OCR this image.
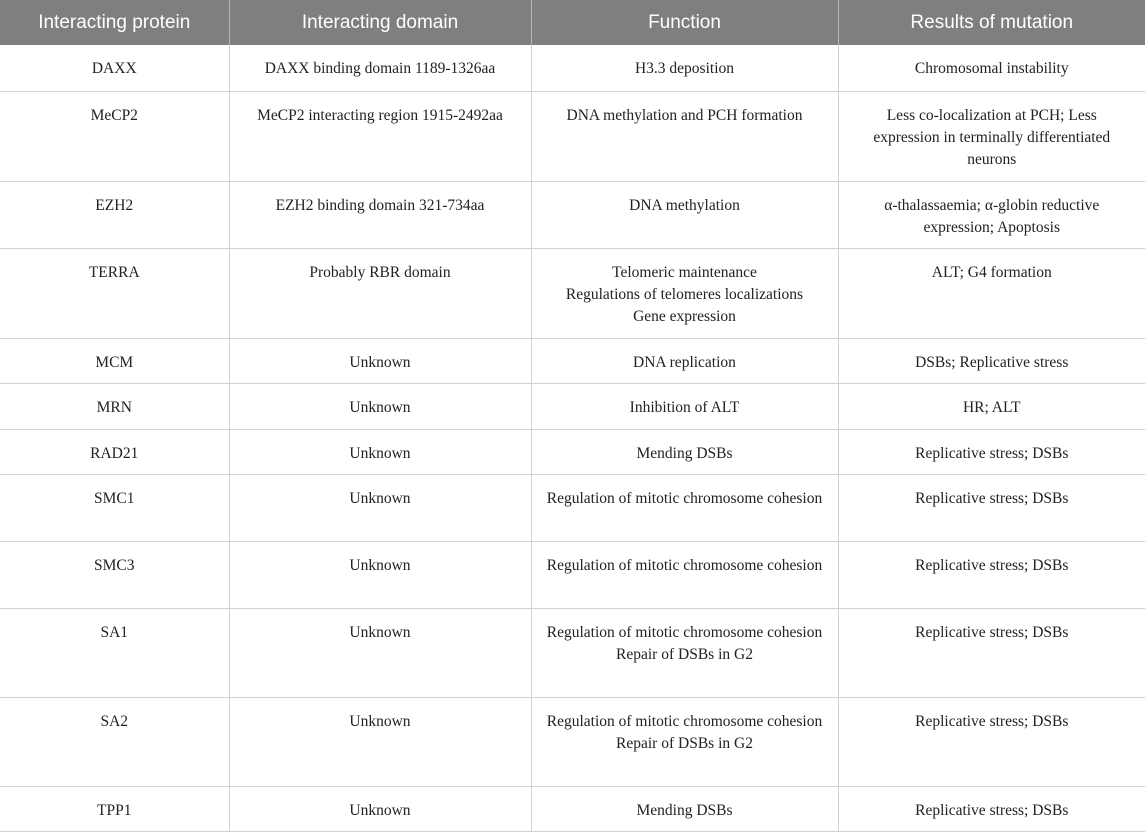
Interacting protein	Interacting domain	Function	Results of mutation
DAXX	DAXX binding domain 1189-1326aa	H3.3 deposition	Chromosomal instability

MeCP2	MeCP2 interacting region 1915-2492aa	DNA methylation and PCH formation	Less co-localization at PCH; Less expression in terminally differentiated neurons

EZH2	EZH2 binding domain 321-734aa	DNA methylation	α-thalassaemia; α-globin reductive expression; Apoptosis

TERRA	Probably RBR domain	Telomeric maintenance
Regulations of telomeres localizations
Gene expression	ALT; G4 formation

MCM	Unknown	DNA replication	DSBs; Replicative stress

MRN	Unknown	Inhibition of ALT	HR; ALT

RAD21	Unknown	Mending DSBs	Replicative stress; DSBs

SMC1	Unknown	Regulation of mitotic chromosome cohesion	Replicative stress; DSBs

SMC3	Unknown	Regulation of mitotic chromosome cohesion	Replicative stress; DSBs

SA1	Unknown	Regulation of mitotic chromosome cohesion
Repair of DSBs in G2	Replicative stress; DSBs

SA2	Unknown	Regulation of mitotic chromosome cohesion
Repair of DSBs in G2	Replicative stress; DSBs

TPP1	Unknown	Mending DSBs	Replicative stress; DSBs
